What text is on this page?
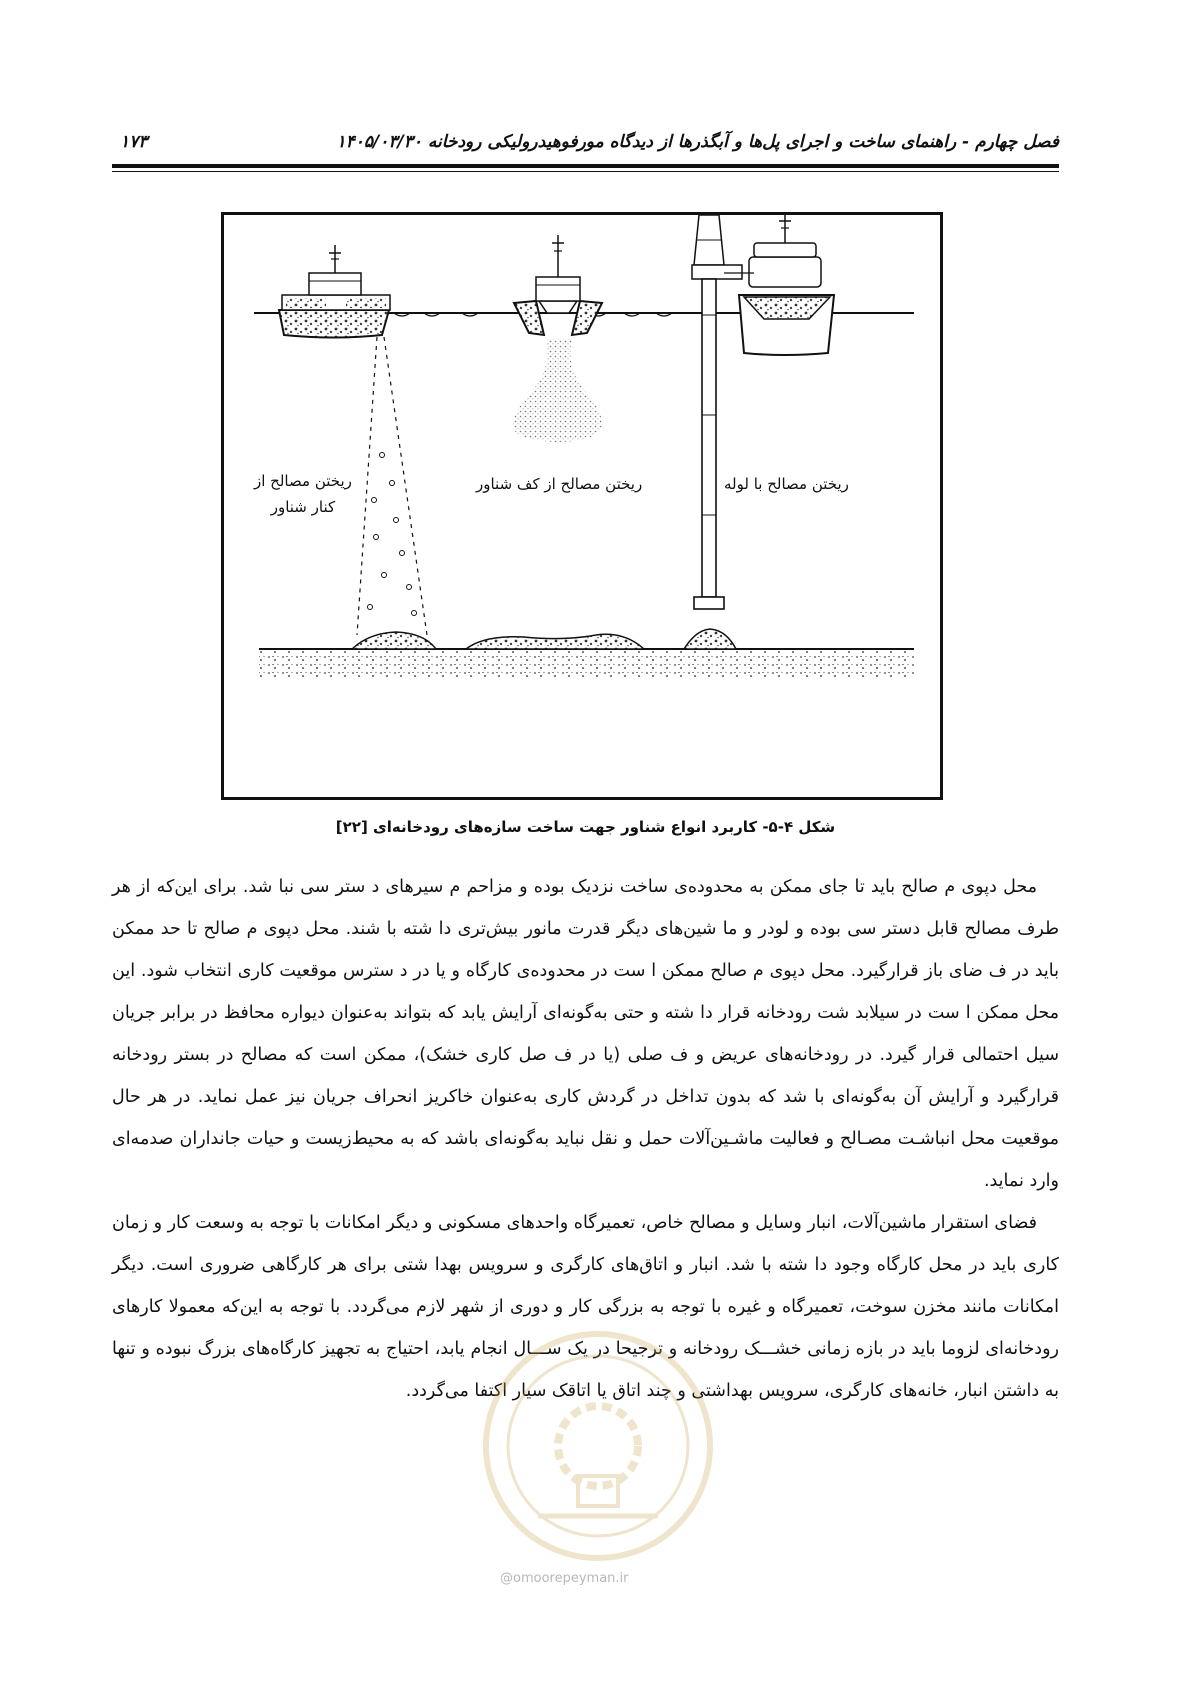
فصل چهارم - راهنمای ساخت و اجرای پل‌ها و آبگذرها از دیدگاه مورفوهیدرولیکی رودخانه ۱۴۰۵/۰۳/۳۰
۱۷۳
ریختن مصالح از
کنار شناور
ریختن مصالح از کف شناور	ریختن مصالح با لوله
شکل ۴-۵- کاربرد انواع شناور جهت ساخت سازه‌های رودخانه‌ای [۲۲]

محل دپوی م صالح باید تا جای ممکن به محدوده‌ی ساخت نزدیک بوده و مزاحم م سیرهای د ستر سی نبا شد. برای این‌که از هر طرف مصالح قابل دستر سی بوده و لودر و ما شین‌های دیگر قدرت مانور بیش‌تری دا شته با شند. محل دپوی م صالح تا حد ممکن باید در ف ضای باز قرارگیرد. محل دپوی م صالح ممکن ا ست در محدوده‌ی کارگاه و یا در د سترس موقعیت کاری انتخاب شود. این محل ممکن ا ست در سیلابد شت رودخانه قرار دا شته و حتی به‌گونه‌ای آرایش یابد که بتواند به‌عنوان دیواره محافظ در برابر جریان سیل احتمالی قرار گیرد. در رودخانه‌های عریض و ف صلی (یا در ف صل کاری خشک)، ممکن است که مصالح در بستر رودخانه قرارگیرد و آرایش آن به‌گونه‌ای با شد که بدون تداخل در گردش کاری به‌عنوان خاکریز انحراف جریان نیز عمل نماید. در هر حال موقعیت محل انباشـت مصـالح و فعالیت ماشـین‌آلات حمل و نقل نباید به‌گونه‌ای باشد که به محیط‌زیست و حیات جانداران صدمه‌ای وارد نماید.

فضای استقرار ماشین‌آلات، انبار وسایل و مصالح خاص، تعمیرگاه واحدهای مسکونی و دیگر امکانات با توجه به وسعت کار و زمان کاری باید در محل کارگاه وجود دا شته با شد. انبار و اتاق‌های کارگری و سرویس بهدا شتی برای هر کارگاهی ضروری است. دیگر امکانات مانند مخزن سوخت، تعمیرگاه و غیره با توجه به بزرگی کار و دوری از شهر لازم می‌گردد. با توجه به این‌که معمولا کارهای رودخانه‌ای لزوما باید در بازه زمانی خشـــک رودخانه و ترجیحا در یک ســـال انجام یابد، احتیاج به تجهیز کارگاه‌های بزرگ نبوده و تنها به داشتن انبار، خانه‌های کارگری، سرویس بهداشتی و چند اتاق یا اتاقک سیار اکتفا می‌گردد.

@omoorepeyman.ir
